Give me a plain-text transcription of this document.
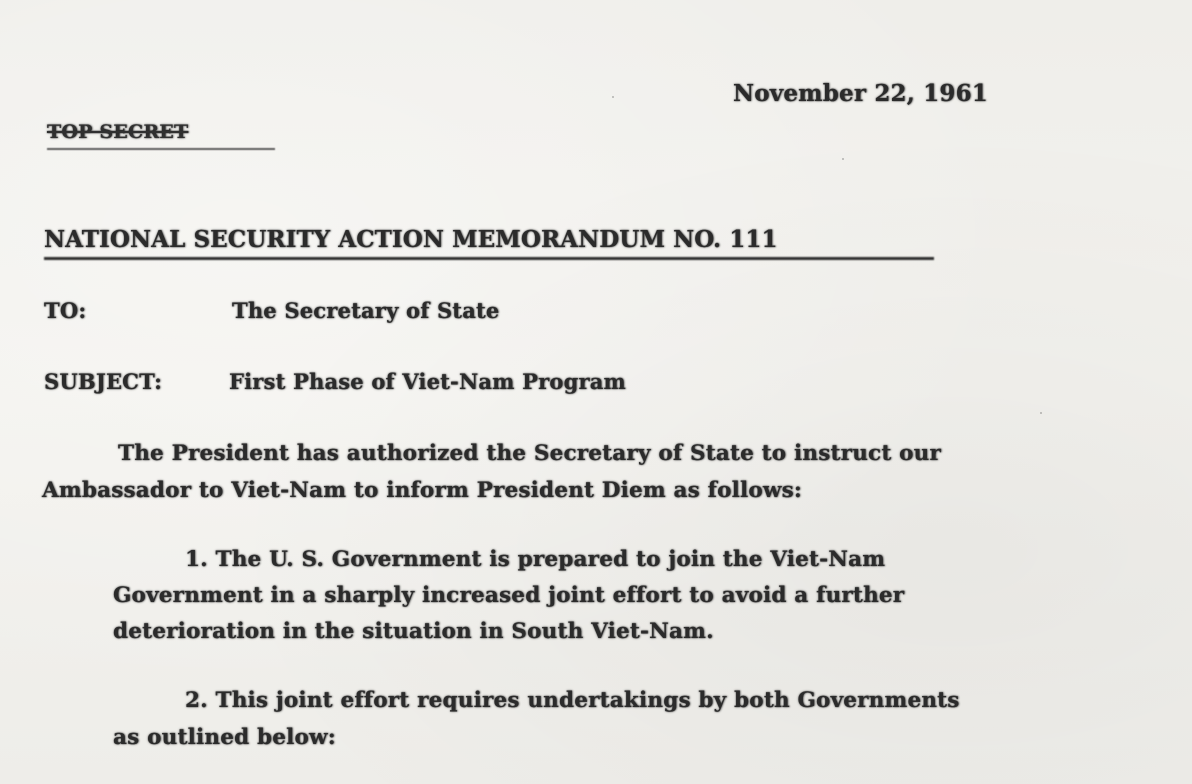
November 22, 1961
TOP SECRET
NATIONAL SECURITY ACTION MEMORANDUM NO. 111
TO:	The Secretary of State
SUBJECT:	First Phase of Viet-Nam Program
The President has authorized the Secretary of State to instruct our
Ambassador to Viet-Nam to inform President Diem as follows:
1. The U. S. Government is prepared to join the Viet-Nam
Government in a sharply increased joint effort to avoid a further
deterioration in the situation in South Viet-Nam.
2. This joint effort requires undertakings by both Governments
as outlined below:
